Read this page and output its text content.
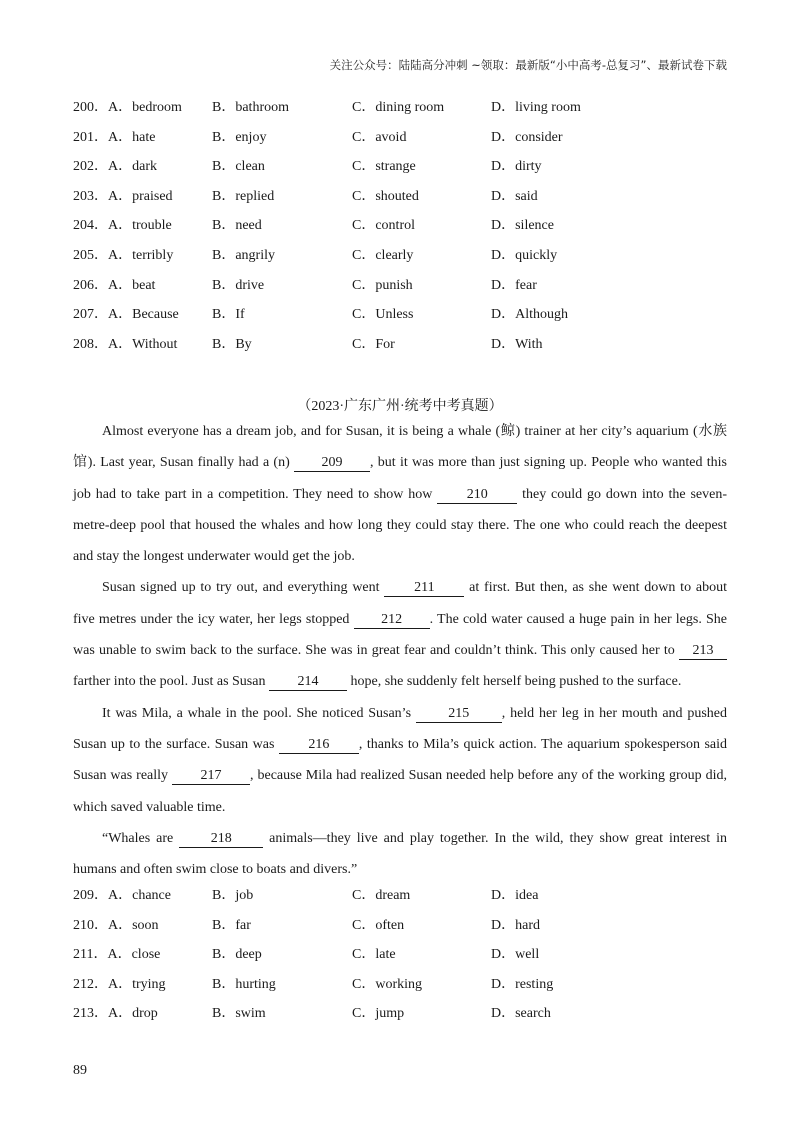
关注公众号：陆陆高分冲刺 ~领取：最新版“小中高考-总复习”、最新试卷下载
200．A．bedroom B．bathroom	C．dining room	D．living room
201．A．hate	B．enjoy	C．avoid	D．consider
202．A．dark	B．clean	C．strange	D．dirty
203．A．praised	B．replied	C．shouted	D．said
204．A．trouble	B．need	C．control	D．silence
205．A．terribly	B．angrily	C．clearly	D．quickly
206．A．beat	B．drive	C．punish	D．fear
207．A．Because B．If	C．Unless	D．Although
208．A．Without B．By	C．For	D．With
（2023·广东广州·统考中考真题）
Almost everyone has a dream job, and for Susan, it is being a whale (鲸) trainer at her city’s aquarium (水族
馆). Last year, Susan finally had a (n) 209 , but it was more than just signing up. People who wanted this
job had to take part in a competition. They need to show how 210 they could go down into the seven-
metre-deep pool that housed the whales and how long they could stay there. The one who could reach the deepest
and stay the longest underwater would get the job.
Susan signed up to try out, and everything went 211 at first. But then, as she went down to about
five metres under the icy water, her legs stopped 212 . The cold water caused a huge pain in her legs. She
was unable to swim back to the surface. She was in great fear and couldn’t think. This only caused her to 213
farther into the pool. Just as Susan 214 hope, she suddenly felt herself being pushed to the surface.
It was Mila, a whale in the pool. She noticed Susan’s 215 , held her leg in her mouth and pushed
Susan up to the surface. Susan was 216 , thanks to Mila’s quick action. The aquarium spokesperson said
Susan was really 217 , because Mila had realized Susan needed help before any of the working group did,
which saved valuable time.
“Whales are 218 animals—they live and play together. In the wild, they show great interest in
humans and often swim close to boats and divers.”
209．A．chance	B．job	C．dream	D．idea
210．A．soon	B．far	C．often	D．hard
211．A．close	B．deep	C．late	D．well
212．A．trying	B．hurting	C．working	D．resting
213．A．drop	B．swim	C．jump	D．search
89
